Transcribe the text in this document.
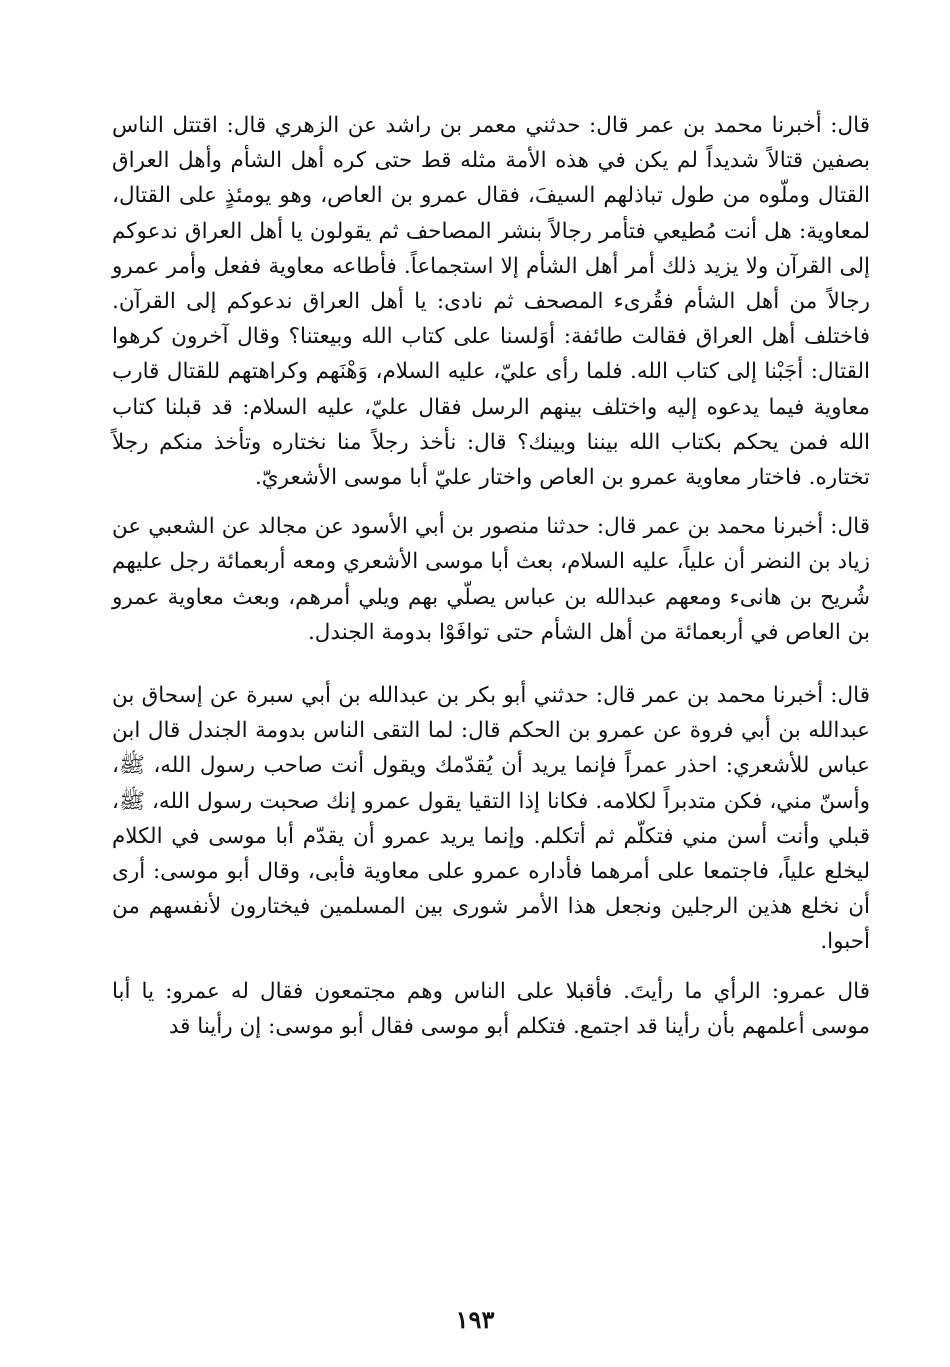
قال: أخبرنا محمد بن عمر قال: حدثني معمر بن راشد عن الزهري قال: اقتتل الناس بصفين قتالاً شديداً لم يكن في هذه الأمة مثله قط حتى كره أهل الشأم وأهل العراق القتال وملّوه من طول تباذلهم السيفَ، فقال عمرو بن العاص، وهو يومئذٍ على القتال، لمعاوية: هل أنت مُطيعي فتأمر رجالاً بنشر المصاحف ثم يقولون يا أهل العراق ندعوكم إلى القرآن ولا يزيد ذلك أمر أهل الشأم إلا استجماعاً. فأطاعه معاوية ففعل وأمر عمرو رجالاً من أهل الشأم فقُرىء المصحف ثم نادى: يا أهل العراق ندعوكم إلى القرآن. فاختلف أهل العراق فقالت طائفة: أوَلسنا على كتاب الله وبيعتنا؟ وقال آخرون كرهوا القتال: أجَبْنا إلى كتاب الله. فلما رأى عليّ، عليه السلام، وَهْنَهم وكراهتهم للقتال قارب معاوية فيما يدعوه إليه واختلف بينهم الرسل فقال عليّ، عليه السلام: قد قبلنا كتاب الله فمن يحكم بكتاب الله بيننا وبينك؟ قال: نأخذ رجلاً منا نختاره وتأخذ منكم رجلاً تختاره. فاختار معاوية عمرو بن العاص واختار عليّ أبا موسى الأشعريّ.

قال: أخبرنا محمد بن عمر قال: حدثنا منصور بن أبي الأسود عن مجالد عن الشعبي عن زياد بن النضر أن علياً، عليه السلام، بعث أبا موسى الأشعري ومعه أربعمائة رجل عليهم شُريح بن هانىء ومعهم عبدالله بن عباس يصلّي بهم ويلي أمرهم، وبعث معاوية عمرو بن العاص في أربعمائة من أهل الشأم حتى توافَوْا بدومة الجندل.

قال: أخبرنا محمد بن عمر قال: حدثني أبو بكر بن عبدالله بن أبي سبرة عن إسحاق بن عبدالله بن أبي فروة عن عمرو بن الحكم قال: لما التقى الناس بدومة الجندل قال ابن عباس للأشعري: احذر عمراً فإنما يريد أن يُقدّمك ويقول أنت صاحب رسول الله، ﷺ، وأسنّ مني، فكن متدبراً لكلامه. فكانا إذا التقيا يقول عمرو إنك صحبت رسول الله، ﷺ، قبلي وأنت أسن مني فتكلّم ثم أتكلم. وإنما يريد عمرو أن يقدّم أبا موسى في الكلام ليخلع علياً، فاجتمعا على أمرهما فأداره عمرو على معاوية فأبى، وقال أبو موسى: أرى أن نخلع هذين الرجلين ونجعل هذا الأمر شورى بين المسلمين فيختارون لأنفسهم من أحبوا.

قال عمرو: الرأي ما رأيتَ. فأقبلا على الناس وهم مجتمعون فقال له عمرو: يا أبا موسى أعلمهم بأن رأينا قد اجتمع. فتكلم أبو موسى فقال أبو موسى: إن رأينا قد

١٩٣
